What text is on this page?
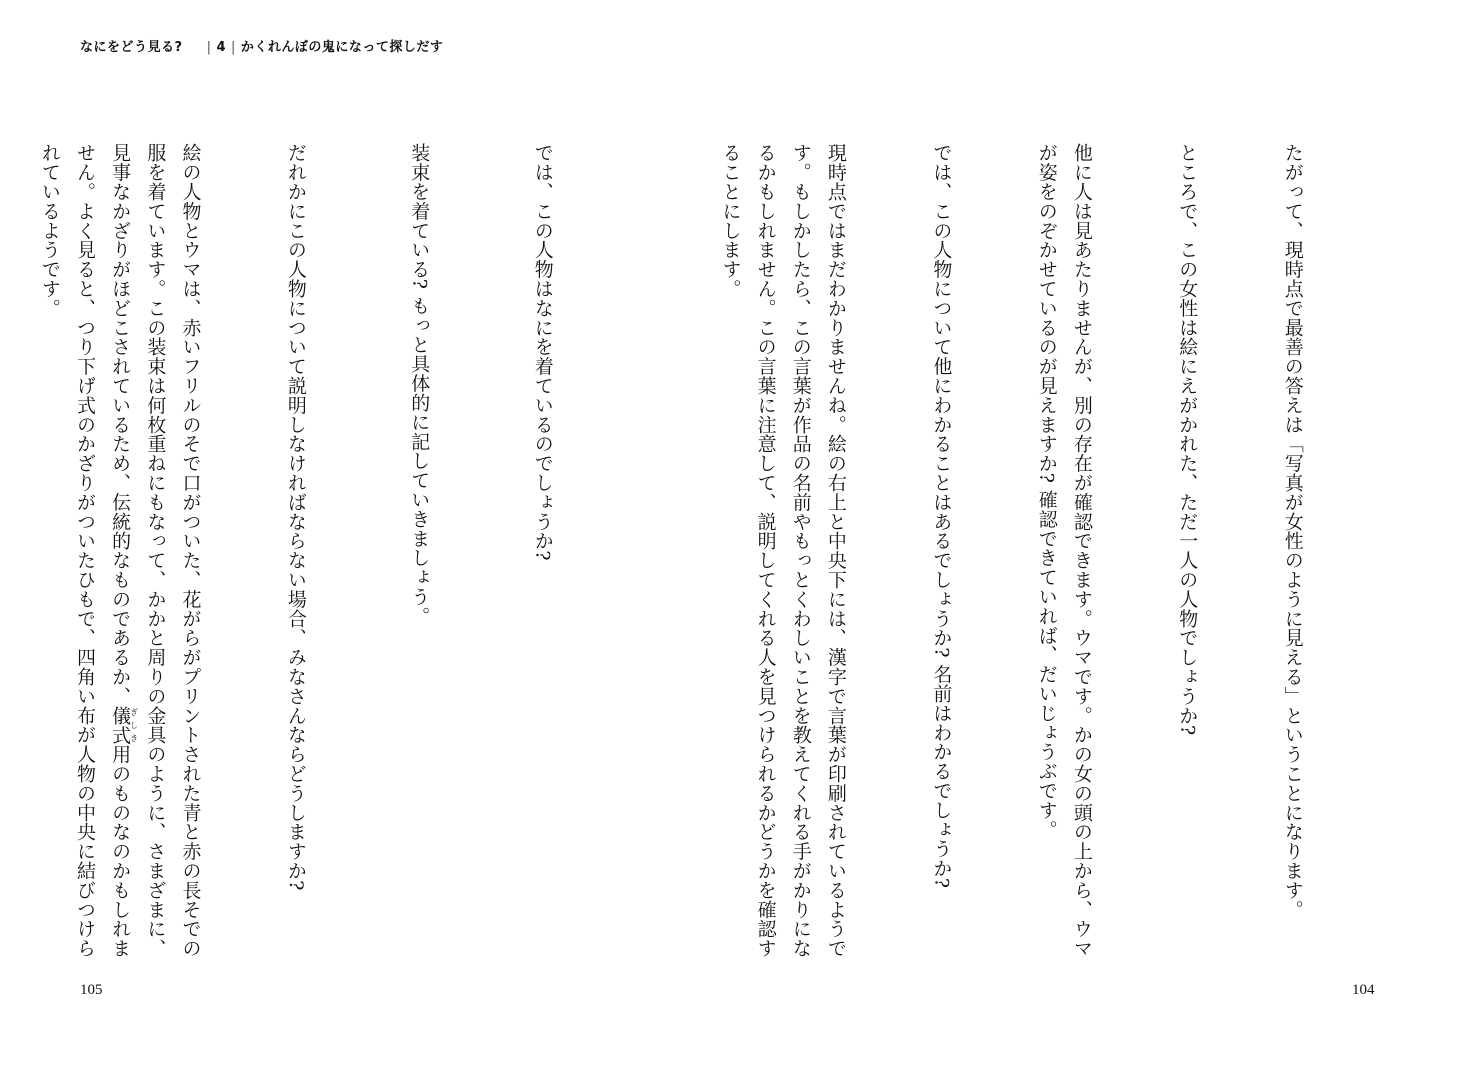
なにをどう見る? | 4 | かくれんぼの鬼になって探しだす

たがって、現時点で最善の答えは「写真が女性のように見える」ということになります。

ところで、この女性は絵にえがかれた、ただ一人の人物でしょうか?

他に人は見あたりませんが、別の存在が確認できます。ウマです。かの女の頭の上から、ウマが姿をのぞかせているのが見えますか? 確認できていれば、だいじょうぶです。

では、この人物について他にわかることはあるでしょうか? 名前はわかるでしょうか?

現時点ではまだわかりませんね。絵の右上と中央下には、漢字で言葉が印刷されているようです。もしかしたら、この言葉が作品の名前やもっとくわしいことを教えてくれる手がかりになるかもしれません。この言葉に注意して、説明してくれる人を見つけられるかどうかを確認することにします。

では、この人物はなにを着ているのでしょうか?

装束を着ている? もっと具体的に記していきましょう。

だれかにこの人物について説明しなければならない場合、みなさんならどうしますか?

絵の人物とウマは、赤いフリルのそで口がついた、花がらがプリントされた青と赤の長そでの服を着ています。この装束は何枚重ねにもなって、かかと周りの金具のように、さまざまに、見事なかざりがほどこされているため、伝統的なものであるか、儀式ぎしき用のものなのかもしれません。よく見ると、つり下げ式のかざりがついたひもで、四角い布が人物の中央に結びつけられているようです。

105	104
